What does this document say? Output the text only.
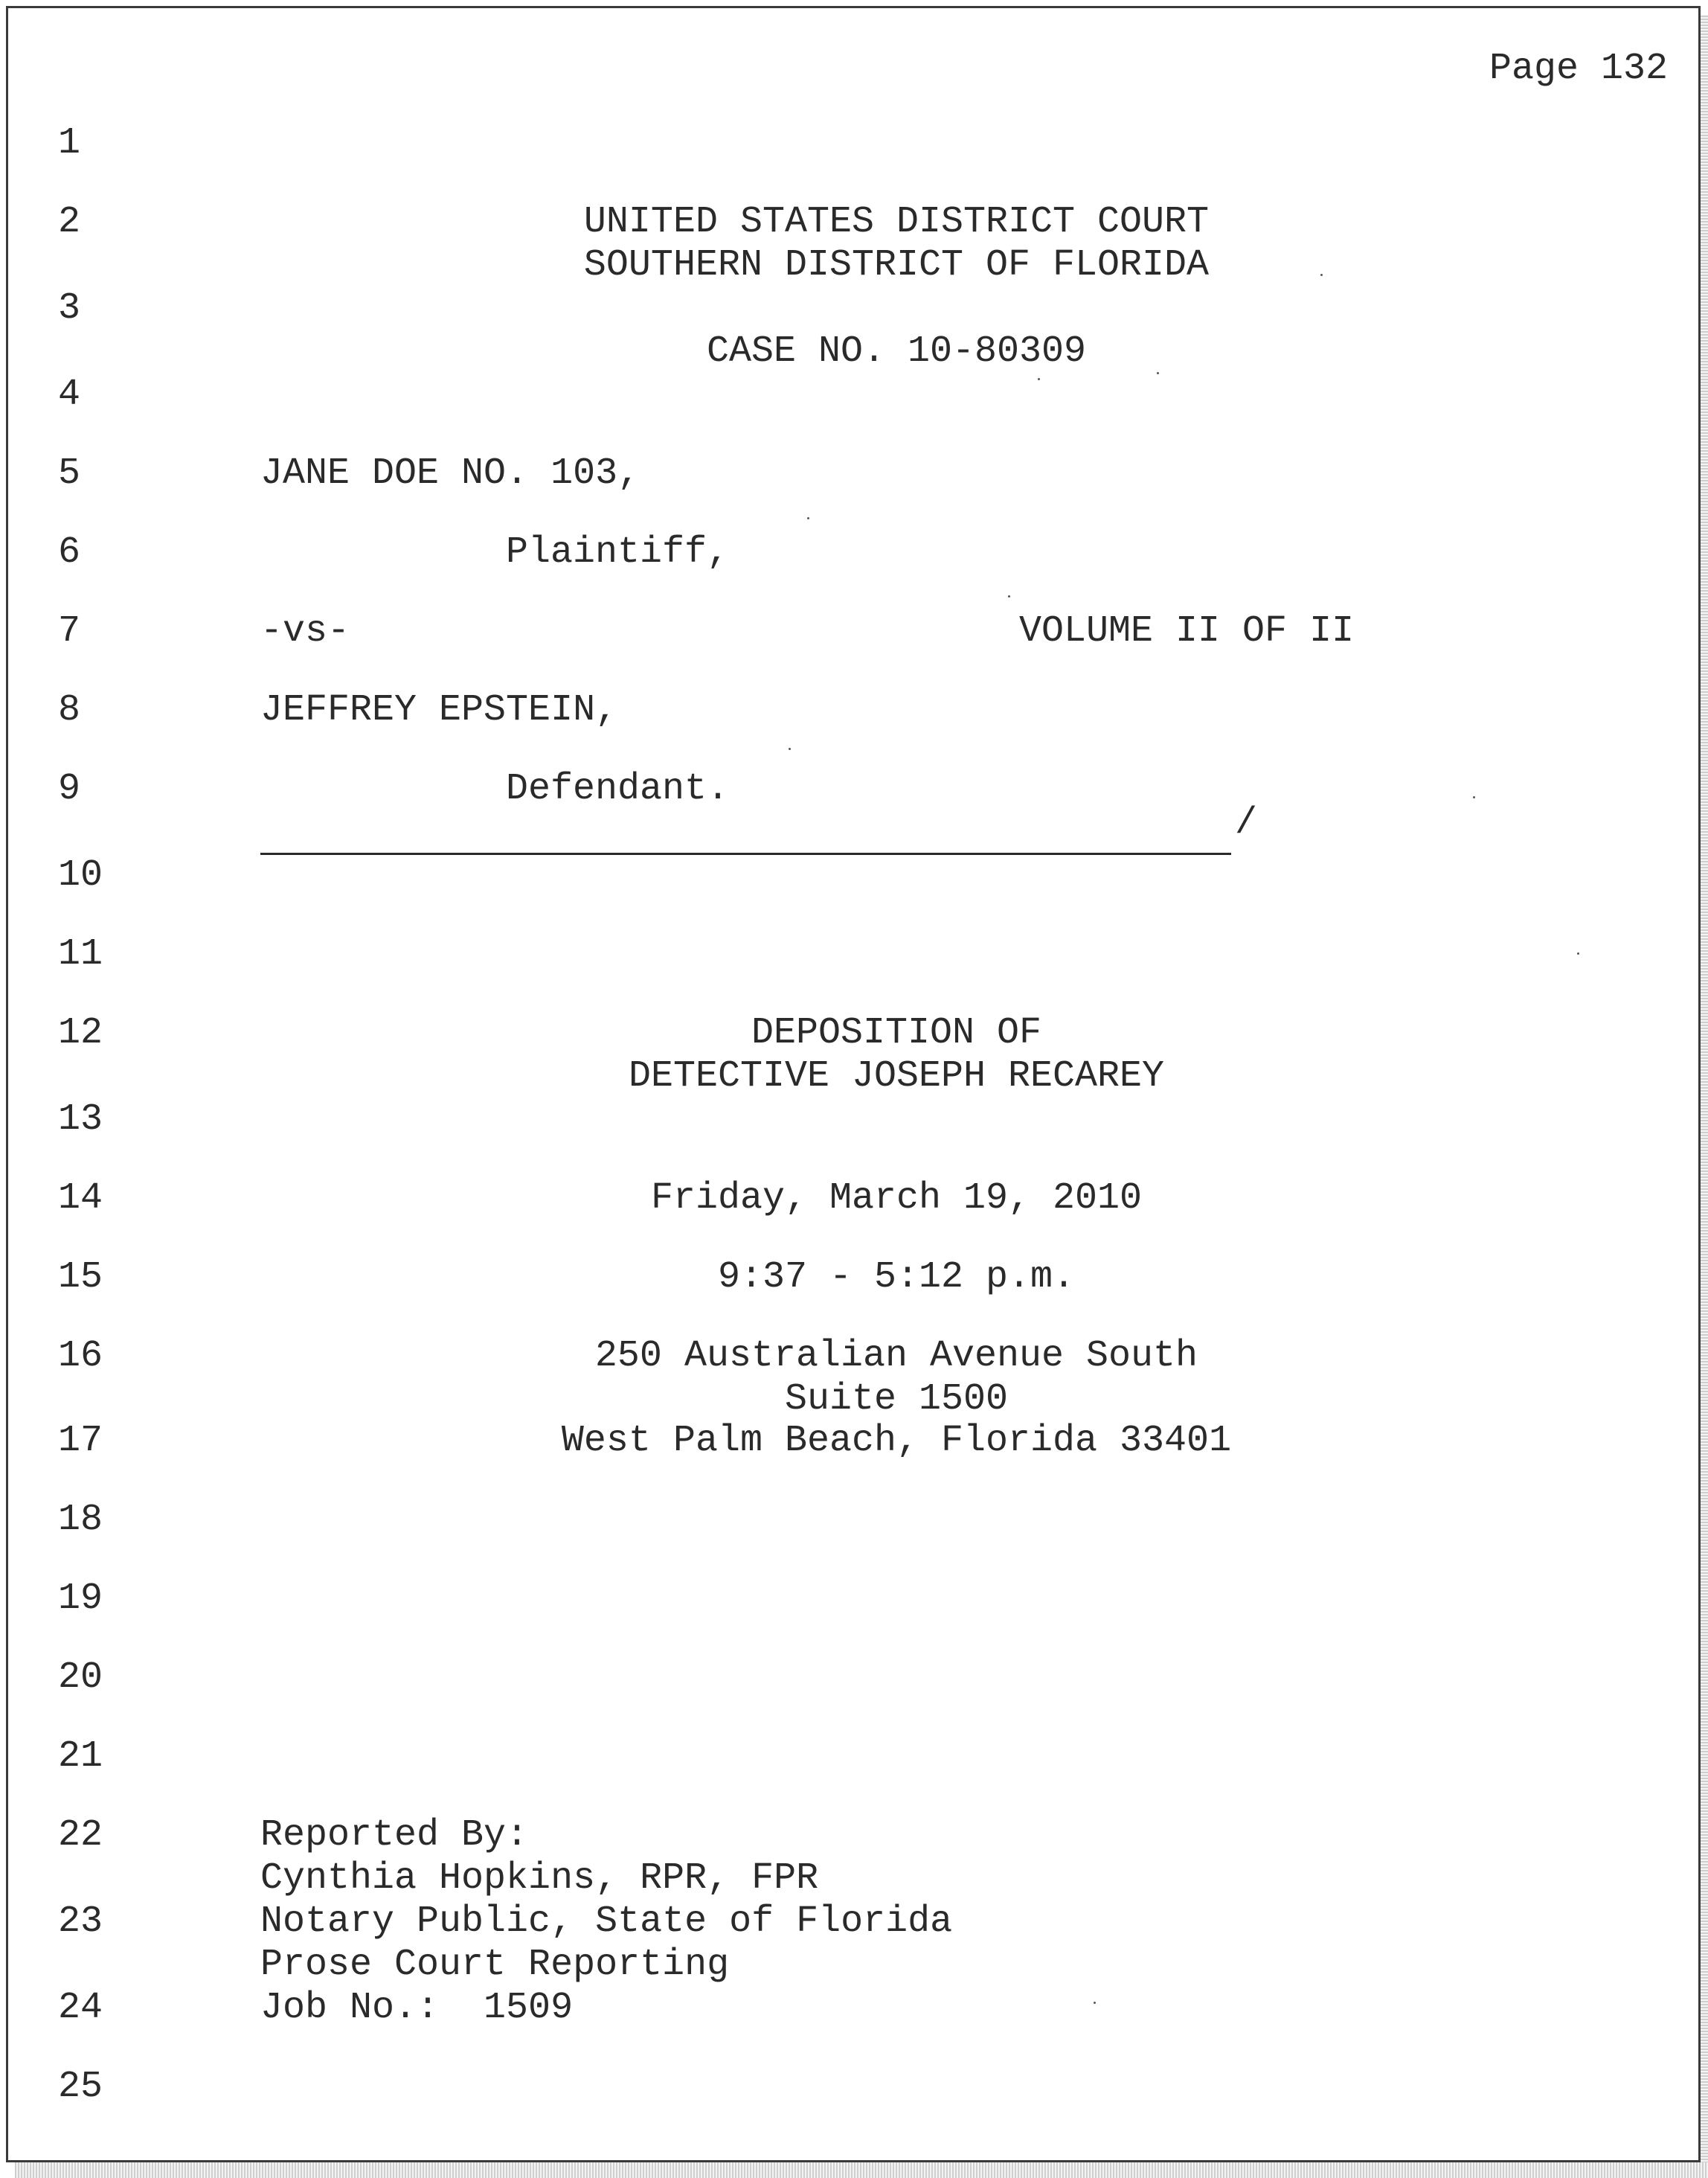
Page 132
1
2
3
4
5
6
7
8
9
10
11
12
13
14
15
16
17
18
19
20
21
22
23
24
25
UNITED STATES DISTRICT COURT
SOUTHERN DISTRICT OF FLORIDA
CASE NO. 10-80309
JANE DOE NO. 103,
Plaintiff,
-vs-	VOLUME II OF II
JEFFREY EPSTEIN,
Defendant.
/
DEPOSITION OF
DETECTIVE JOSEPH RECAREY
Friday, March 19, 2010
9:37 - 5:12 p.m.
250 Australian Avenue South
Suite 1500
West Palm Beach, Florida 33401
Reported By:
Cynthia Hopkins, RPR, FPR
Notary Public, State of Florida
Prose Court Reporting
Job No.:  1509
